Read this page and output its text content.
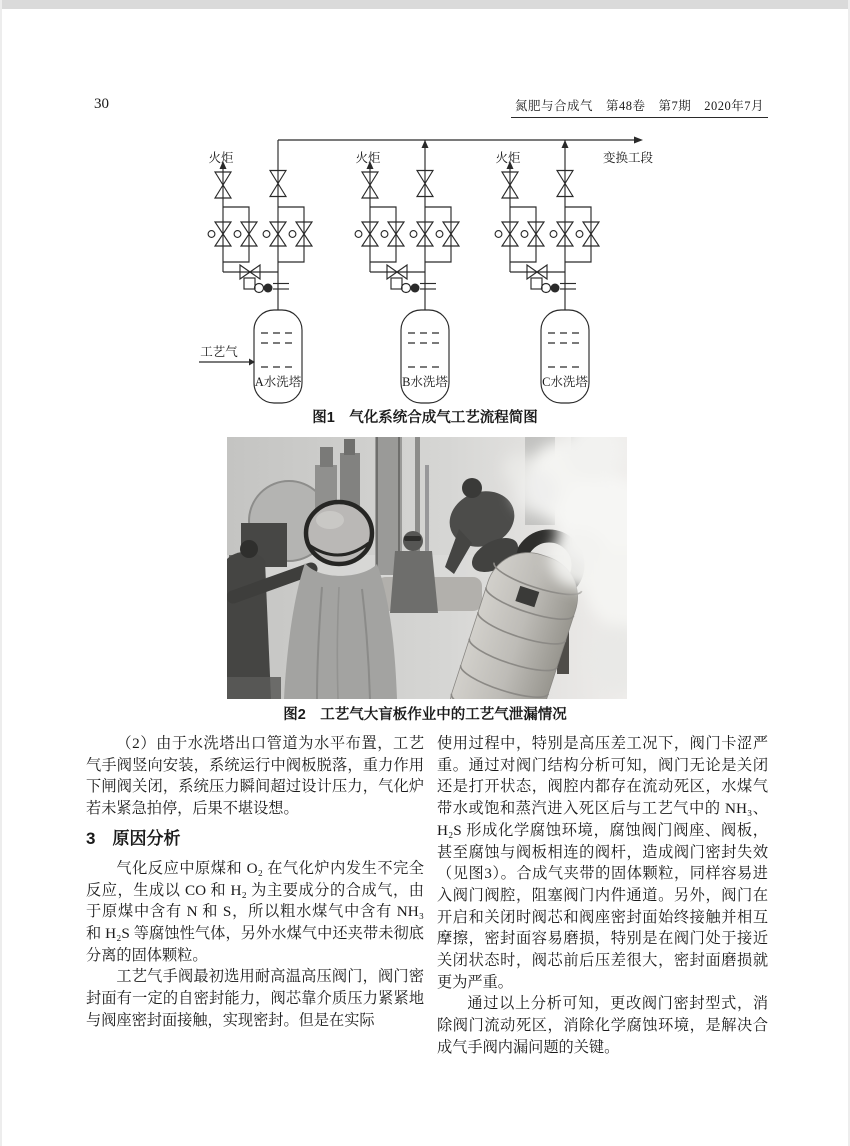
30	氮肥与合成气　第48卷　第7期　2020年7月
火炬	火炬	火炬	变换工段
工艺气
A水洗塔	B水洗塔	C水洗塔
图1　气化系统合成气工艺流程简图
图2　工艺气大盲板作业中的工艺气泄漏情况

（2）由于水洗塔出口管道为水平布置，工艺气手阀竖向安装，系统运行中阀板脱落，重力作用下闸阀关闭，系统压力瞬间超过设计压力，气化炉若未紧急拍停，后果不堪设想。

3　原因分析

气化反应中原煤和 O₂ 在气化炉内发生不完全反应，生成以 CO 和 H₂ 为主要成分的合成气，由于原煤中含有 N 和 S，所以粗水煤气中含有 NH₃ 和 H₂S 等腐蚀性气体，另外水煤气中还夹带未彻底分离的固体颗粒。

工艺气手阀最初选用耐高温高压阀门，阀门密封面有一定的自密封能力，阀芯靠介质压力紧紧地与阀座密封面接触，实现密封。但是在实际

使用过程中，特别是高压差工况下，阀门卡涩严重。通过对阀门结构分析可知，阀门无论是关闭还是打开状态，阀腔内都存在流动死区，水煤气带水或饱和蒸汽进入死区后与工艺气中的 NH₃、H₂S 形成化学腐蚀环境，腐蚀阀门阀座、阀板，甚至腐蚀与阀板相连的阀杆，造成阀门密封失效（见图3）。合成气夹带的固体颗粒，同样容易进入阀门阀腔，阻塞阀门内件通道。另外，阀门在开启和关闭时阀芯和阀座密封面始终接触并相互摩擦，密封面容易磨损，特别是在阀门处于接近关闭状态时，阀芯前后压差很大，密封面磨损就更为严重。

通过以上分析可知，更改阀门密封型式，消除阀门流动死区，消除化学腐蚀环境，是解决合成气手阀内漏问题的关键。
